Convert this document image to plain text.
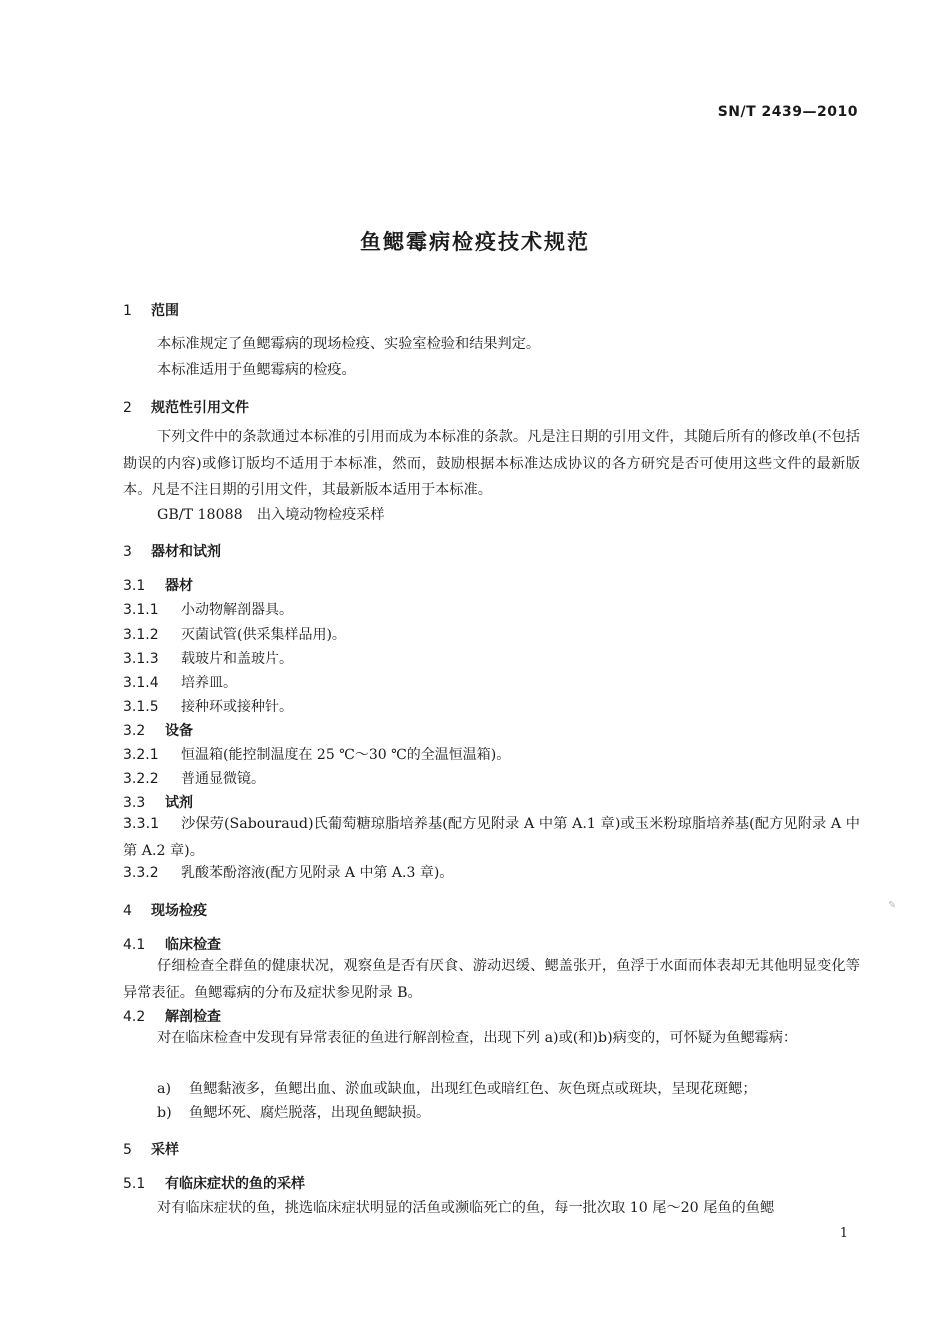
SN/T 2439—2010
鱼鳃霉病检疫技术规范
1 范围
本标准规定了鱼鳃霉病的现场检疫、实验室检验和结果判定。
本标准适用于鱼鳃霉病的检疫。
2 规范性引用文件
下列文件中的条款通过本标准的引用而成为本标准的条款。凡是注日期的引用文件，其随后所有的修改单(不包括勘误的内容)或修订版均不适用于本标准，然而，鼓励根据本标准达成协议的各方研究是否可使用这些文件的最新版本。凡是不注日期的引用文件，其最新版本适用于本标准。
GB/T 18088　出入境动物检疫采样
3 器材和试剂
3.1 器材
3.1.1 小动物解剖器具。
3.1.2 灭菌试管(供采集样品用)。
3.1.3 载玻片和盖玻片。
3.1.4 培养皿。
3.1.5 接种环或接种针。
3.2 设备
3.2.1 恒温箱(能控制温度在 25 ℃～30 ℃的全温恒温箱)。
3.2.2 普通显微镜。
3.3 试剂
3.3.1 沙保劳(Sabouraud)氏葡萄糖琼脂培养基(配方见附录 A 中第 A.1 章)或玉米粉琼脂培养基(配方见附录 A 中第 A.2 章)。
3.3.2 乳酸苯酚溶液(配方见附录 A 中第 A.3 章)。
4 现场检疫
4.1 临床检查
仔细检查全群鱼的健康状况，观察鱼是否有厌食、游动迟缓、鳃盖张开，鱼浮于水面而体表却无其他明显变化等异常表征。鱼鳃霉病的分布及症状参见附录 B。
4.2 解剖检查
对在临床检查中发现有异常表征的鱼进行解剖检查，出现下列 a)或(和)b)病变的，可怀疑为鱼鳃霉病：
a) 鱼鳃黏液多，鱼鳃出血、淤血或缺血，出现红色或暗红色、灰色斑点或斑块，呈现花斑鳃；
b) 鱼鳃坏死、腐烂脱落，出现鱼鳃缺损。
5 采样
5.1 有临床症状的鱼的采样
对有临床症状的鱼，挑选临床症状明显的活鱼或濒临死亡的鱼，每一批次取 10 尾～20 尾鱼的鱼鳃
1
✎
